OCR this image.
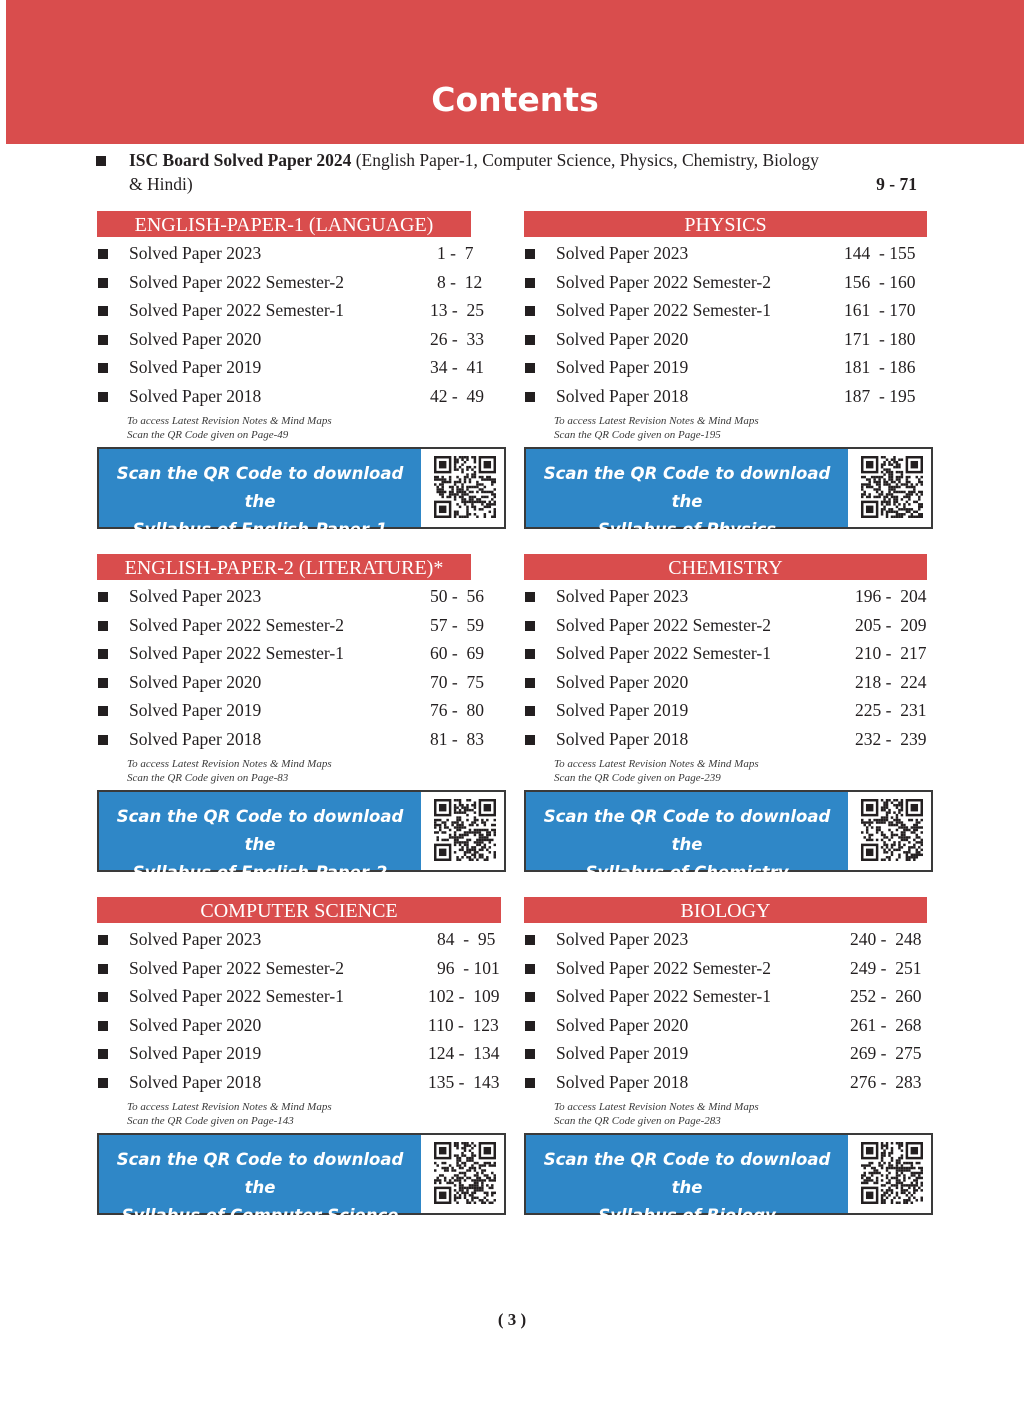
Contents
ISC Board Solved Paper 2024 (English Paper-1, Computer Science, Physics, Chemistry, Biology & Hindi)	9 - 71
ENGLISH-PAPER-1 (LANGUAGE)
Solved Paper 2023	1 -  7
Solved Paper 2022 Semester-2	8 -  12
Solved Paper 2022 Semester-1	13 -  25
Solved Paper 2020	26 -  33
Solved Paper 2019	34 -  41
Solved Paper 2018	42 -  49
To access Latest Revision Notes & Mind Maps
Scan the QR Code given on Page-49
Scan the QR Code to download the
Syllabus of English-Paper-1
PHYSICS
Solved Paper 2023	144  - 155
Solved Paper 2022 Semester-2	156  - 160
Solved Paper 2022 Semester-1	161  - 170
Solved Paper 2020	171  - 180
Solved Paper 2019	181  - 186
Solved Paper 2018	187  - 195
To access Latest Revision Notes & Mind Maps
Scan the QR Code given on Page-195
Scan the QR Code to download the
Syllabus of Physics
ENGLISH-PAPER-2 (LITERATURE)*
Solved Paper 2023	50 -  56
Solved Paper 2022 Semester-2	57 -  59
Solved Paper 2022 Semester-1	60 -  69
Solved Paper 2020	70 -  75
Solved Paper 2019	76 -  80
Solved Paper 2018	81 -  83
To access Latest Revision Notes & Mind Maps
Scan the QR Code given on Page-83
Scan the QR Code to download the
Syllabus of English-Paper-2
CHEMISTRY
Solved Paper 2023	196 -  204
Solved Paper 2022 Semester-2	205 -  209
Solved Paper 2022 Semester-1	210 -  217
Solved Paper 2020	218 -  224
Solved Paper 2019	225 -  231
Solved Paper 2018	232 -  239
To access Latest Revision Notes & Mind Maps
Scan the QR Code given on Page-239
Scan the QR Code to download the
Syllabus of Chemistry
COMPUTER SCIENCE
Solved Paper 2023	84  -  95
Solved Paper 2022 Semester-2	96  - 101
Solved Paper 2022 Semester-1	102 -  109
Solved Paper 2020	110 -  123
Solved Paper 2019	124 -  134
Solved Paper 2018	135 -  143
To access Latest Revision Notes & Mind Maps
Scan the QR Code given on Page-143
Scan the QR Code to download the
Syllabus of Computer Science
BIOLOGY
Solved Paper 2023	240 -  248
Solved Paper 2022 Semester-2	249 -  251
Solved Paper 2022 Semester-1	252 -  260
Solved Paper 2020	261 -  268
Solved Paper 2019	269 -  275
Solved Paper 2018	276 -  283
To access Latest Revision Notes & Mind Maps
Scan the QR Code given on Page-283
Scan the QR Code to download the
Syllabus of Biology
( 3 )
